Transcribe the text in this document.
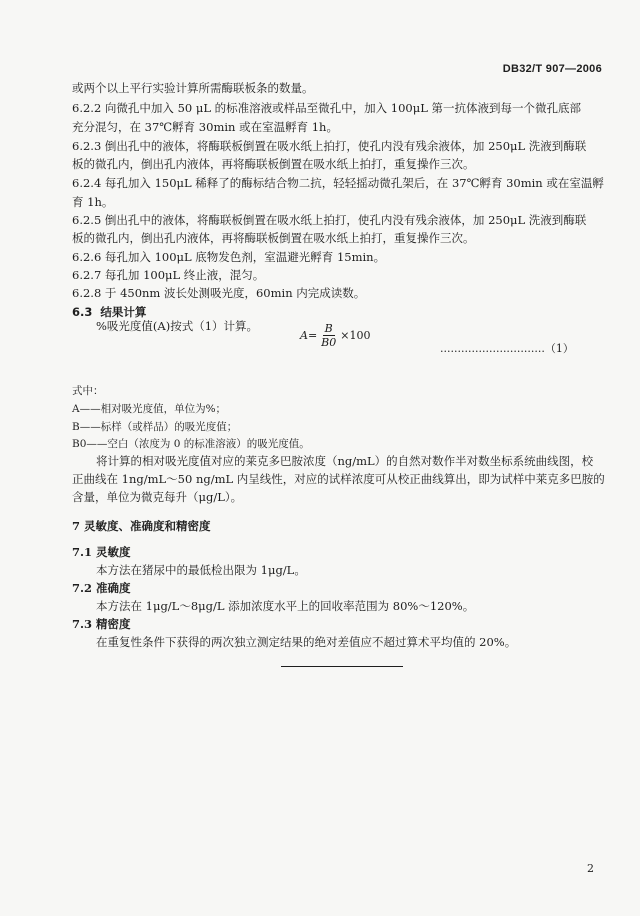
DB32/T 907—2006
或两个以上平行实验计算所需酶联板条的数量。
6.2.2 向微孔中加入 50 μL 的标准溶液或样品至微孔中，加入 100μL 第一抗体液到每一个微孔底部
充分混匀，在 37℃孵育 30min 或在室温孵育 1h。
6.2.3 倒出孔中的液体，将酶联板倒置在吸水纸上拍打，使孔内没有残余液体，加 250μL 洗液到酶联
板的微孔内，倒出孔内液体，再将酶联板倒置在吸水纸上拍打，重复操作三次。
6.2.4 每孔加入 150μL 稀释了的酶标结合物二抗，轻轻摇动微孔架后，在 37℃孵育 30min 或在室温孵
育 1h。
6.2.5 倒出孔中的液体，将酶联板倒置在吸水纸上拍打，使孔内没有残余液体，加 250μL 洗液到酶联
板的微孔内，倒出孔内液体，再将酶联板倒置在吸水纸上拍打，重复操作三次。
6.2.6 每孔加入 100μL 底物发色剂，室温避光孵育 15min。
6.2.7 每孔加 100μL 终止液，混匀。
6.2.8 于 450nm 波长处测吸光度，60min 内完成读数。
6.3 结果计算
%吸光度值(A)按式（1）计算。
$A= \frac{B}{B0} \times 100$
..............................（1）
式中：
A——相对吸光度值，单位为%；
B——标样（或样品）的吸光度值；
B0——空白（浓度为 0 的标准溶液）的吸光度值。
将计算的相对吸光度值对应的莱克多巴胺浓度（ng/mL）的自然对数作半对数坐标系统曲线图，校
正曲线在 1ng/mL～50 ng/mL 内呈线性，对应的试样浓度可从校正曲线算出，即为试样中莱克多巴胺的
含量，单位为微克每升（μg/L）。
7 灵敏度、准确度和精密度
7.1 灵敏度
本方法在猪尿中的最低检出限为 1μg/L。
7.2 准确度
本方法在 1μg/L～8μg/L 添加浓度水平上的回收率范围为 80%～120%。
7.3 精密度
在重复性条件下获得的两次独立测定结果的绝对差值应不超过算术平均值的 20%。
2
